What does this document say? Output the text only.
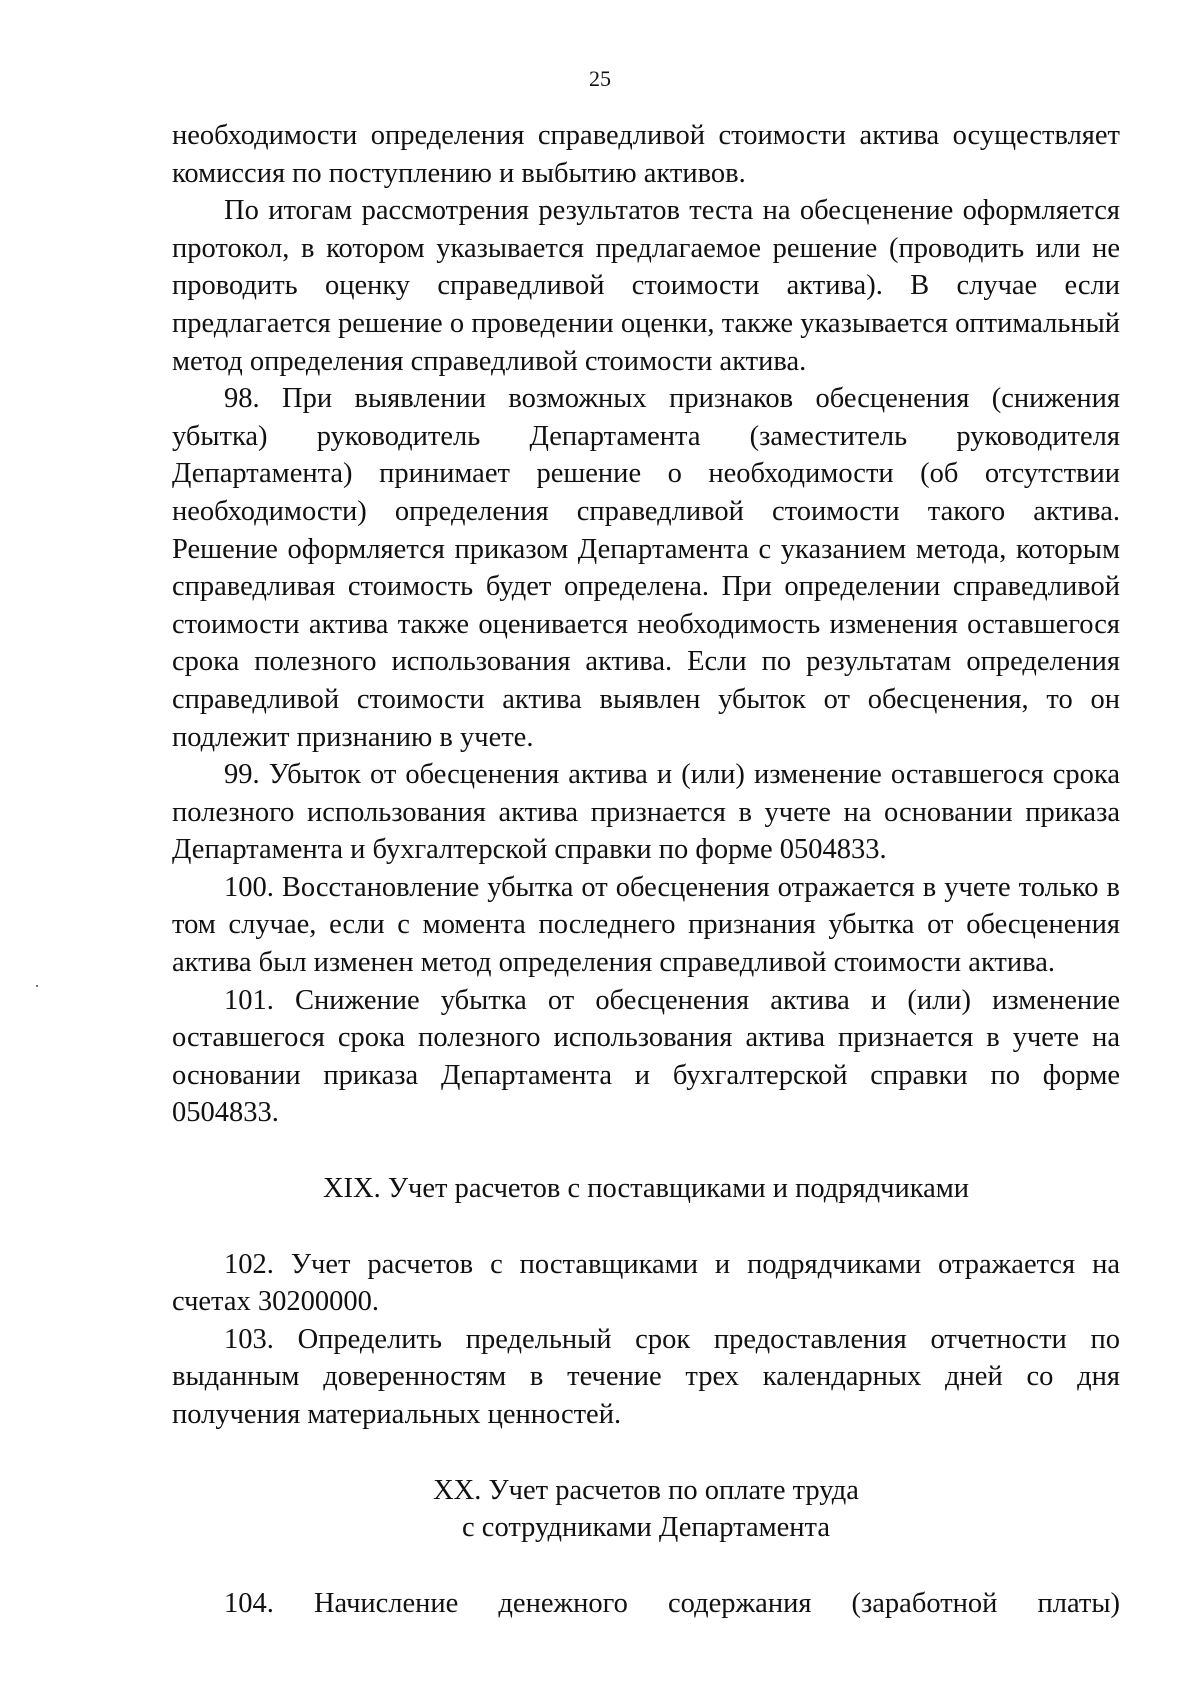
25

необходимости определения справедливой стоимости актива осуществляет комиссия по поступлению и выбытию активов.

По итогам рассмотрения результатов теста на обесценение оформляется протокол, в котором указывается предлагаемое решение (проводить или не проводить оценку справедливой стоимости актива). В случае если предлагается решение о проведении оценки, также указывается оптимальный метод определения справедливой стоимости актива.

98. При выявлении возможных признаков обесценения (снижения убытка) руководитель Департамента (заместитель руководителя Департамента) принимает решение о необходимости (об отсутствии необходимости) определения справедливой стоимости такого актива. Решение оформляется приказом Департамента с указанием метода, которым справедливая стоимость будет определена. При определении справедливой стоимости актива также оценивается необходимость изменения оставшегося срока полезного использования актива. Если по результатам определения справедливой стоимости актива выявлен убыток от обесценения, то он подлежит признанию в учете.

99. Убыток от обесценения актива и (или) изменение оставшегося срока полезного использования актива признается в учете на основании приказа Департамента и бухгалтерской справки по форме 0504833.

100. Восстановление убытка от обесценения отражается в учете только в том случае, если с момента последнего признания убытка от обесценения актива был изменен метод определения справедливой стоимости актива.

101. Снижение убытка от обесценения актива и (или) изменение оставшегося срока полезного использования актива признается в учете на основании приказа Департамента и бухгалтерской справки по форме 0504833.

XIX. Учет расчетов с поставщиками и подрядчиками

102. Учет расчетов с поставщиками и подрядчиками отражается на счетах 30200000.

103. Определить предельный срок предоставления отчетности по выданным доверенностям в течение трех календарных дней со дня получения материальных ценностей.

XX. Учет расчетов по оплате труда

с сотрудниками Департамента

104. Начисление денежного содержания (заработной платы)
